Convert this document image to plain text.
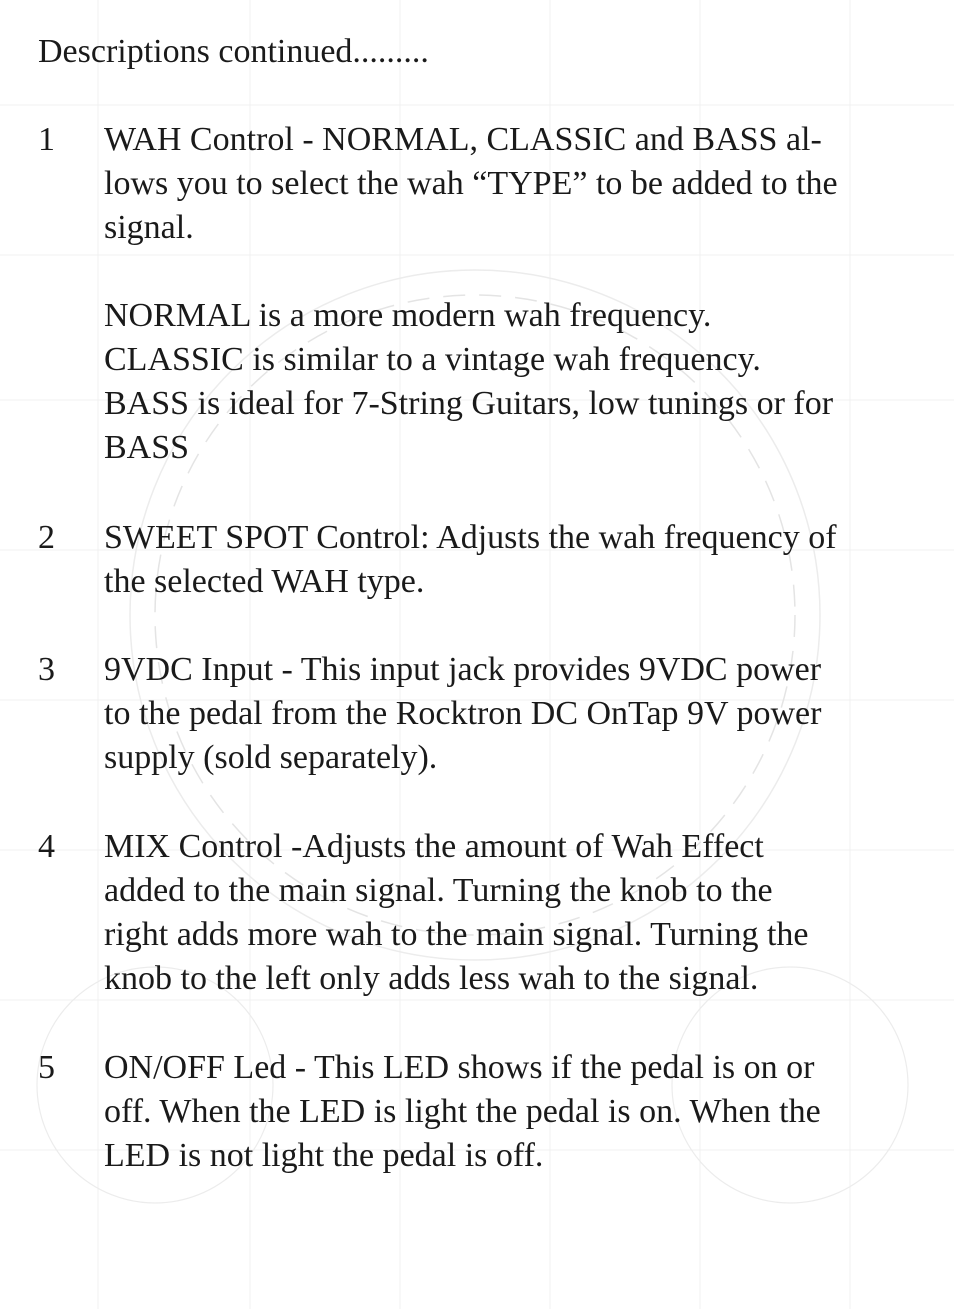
Descriptions continued.........
1 WAH Control - NORMAL, CLASSIC and BASS al-
lows you to select the wah “TYPE” to be added to the
signal.
NORMAL is a more modern wah frequency.
CLASSIC is similar to a vintage wah frequency.
BASS is ideal for 7-String Guitars, low tunings or for
BASS
2 SWEET SPOT Control: Adjusts the wah frequency of
the selected WAH type.
3 9VDC Input - This input jack provides 9VDC power
to the pedal from the Rocktron DC OnTap 9V power
supply (sold separately).
4 MIX Control -Adjusts the amount of Wah Effect
added to the main signal. Turning the knob to the
right adds more wah to the main signal. Turning the
knob to the left only adds less wah to the signal.
5 ON/OFF Led - This LED shows if the pedal is on or
off. When the LED is light the pedal is on. When the
LED is not light the pedal is off.
